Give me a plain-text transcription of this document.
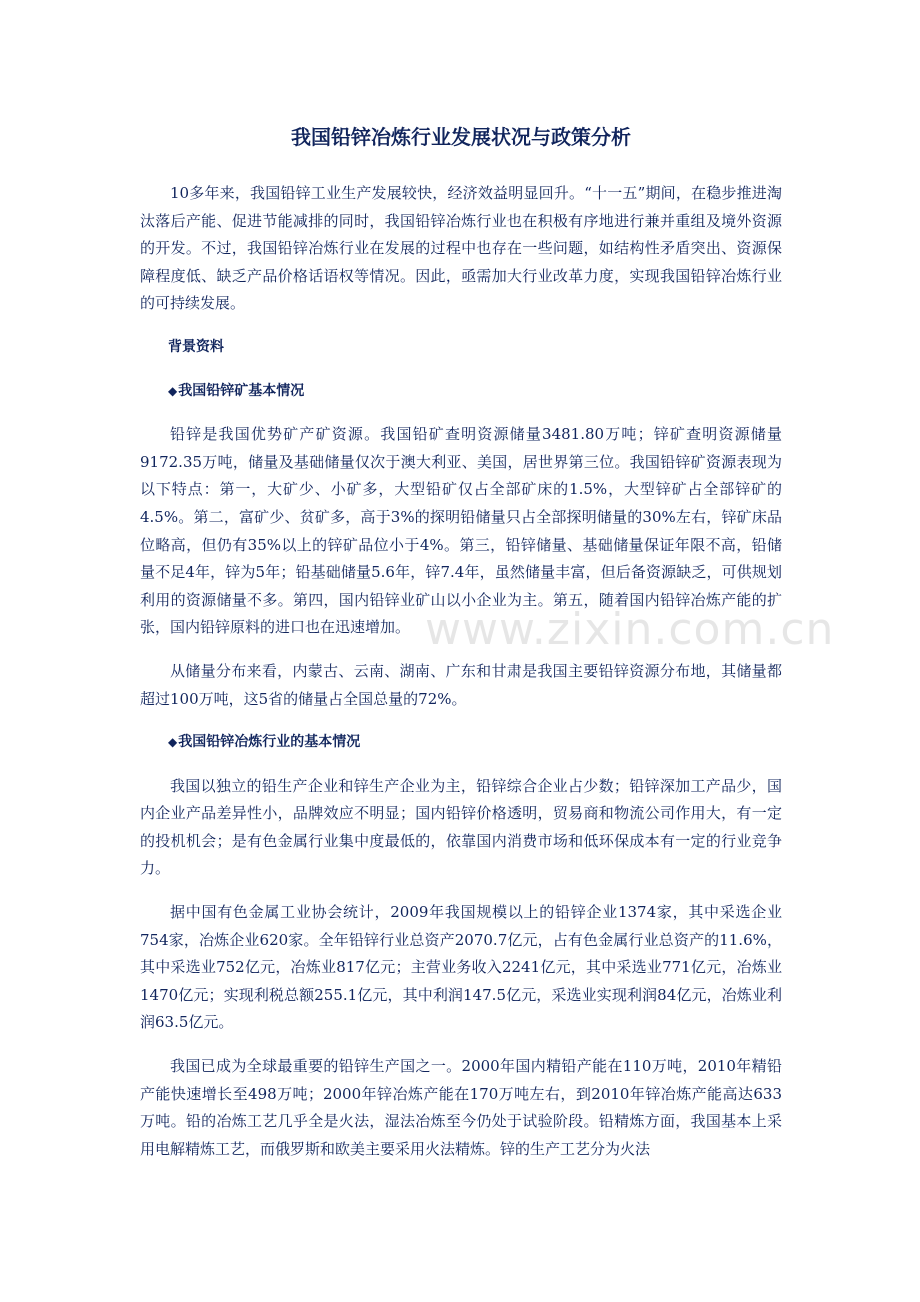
我国铅锌冶炼行业发展状况与政策分析

10多年来，我国铅锌工业生产发展较快，经济效益明显回升。“十一五”期间，在稳步推进淘汰落后产能、促进节能减排的同时，我国铅锌冶炼行业也在积极有序地进行兼并重组及境外资源的开发。不过，我国铅锌冶炼行业在发展的过程中也存在一些问题，如结构性矛盾突出、资源保障程度低、缺乏产品价格话语权等情况。因此，亟需加大行业改革力度，实现我国铅锌冶炼行业的可持续发展。

背景资料
◆我国铅锌矿基本情况

铅锌是我国优势矿产矿资源。我国铅矿查明资源储量3481.80万吨；锌矿查明资源储量9172.35万吨，储量及基础储量仅次于澳大利亚、美国，居世界第三位。我国铅锌矿资源表现为以下特点：第一，大矿少、小矿多，大型铅矿仅占全部矿床的1.5%，大型锌矿占全部锌矿的4.5%。第二，富矿少、贫矿多，高于3%的探明铅储量只占全部探明储量的30%左右，锌矿床品位略高，但仍有35%以上的锌矿品位小于4%。第三，铅锌储量、基础储量保证年限不高，铅储量不足4年，锌为5年；铅基础储量5.6年，锌7.4年，虽然储量丰富，但后备资源缺乏，可供规划利用的资源储量不多。第四，国内铅锌业矿山以小企业为主。第五，随着国内铅锌冶炼产能的扩张，国内铅锌原料的进口也在迅速增加。

从储量分布来看，内蒙古、云南、湖南、广东和甘肃是我国主要铅锌资源分布地，其储量都超过100万吨，这5省的储量占全国总量的72%。

◆我国铅锌冶炼行业的基本情况

我国以独立的铅生产企业和锌生产企业为主，铅锌综合企业占少数；铅锌深加工产品少，国内企业产品差异性小，品牌效应不明显；国内铅锌价格透明，贸易商和物流公司作用大，有一定的投机机会；是有色金属行业集中度最低的，依靠国内消费市场和低环保成本有一定的行业竞争力。

据中国有色金属工业协会统计，2009年我国规模以上的铅锌企业1374家，其中采选企业754家，冶炼企业620家。全年铅锌行业总资产2070.7亿元，占有色金属行业总资产的11.6%，其中采选业752亿元，冶炼业817亿元；主营业务收入2241亿元，其中采选业771亿元，冶炼业1470亿元；实现利税总额255.1亿元，其中利润147.5亿元，采选业实现利润84亿元，冶炼业利润63.5亿元。

我国已成为全球最重要的铅锌生产国之一。2000年国内精铅产能在110万吨，2010年精铅产能快速增长至498万吨；2000年锌冶炼产能在170万吨左右，到2010年锌冶炼产能高达633万吨。铅的冶炼工艺几乎全是火法，湿法冶炼至今仍处于试验阶段。铅精炼方面，我国基本上采用电解精炼工艺，而俄罗斯和欧美主要采用火法精炼。锌的生产工艺分为火法

www.zixin.com.cn
